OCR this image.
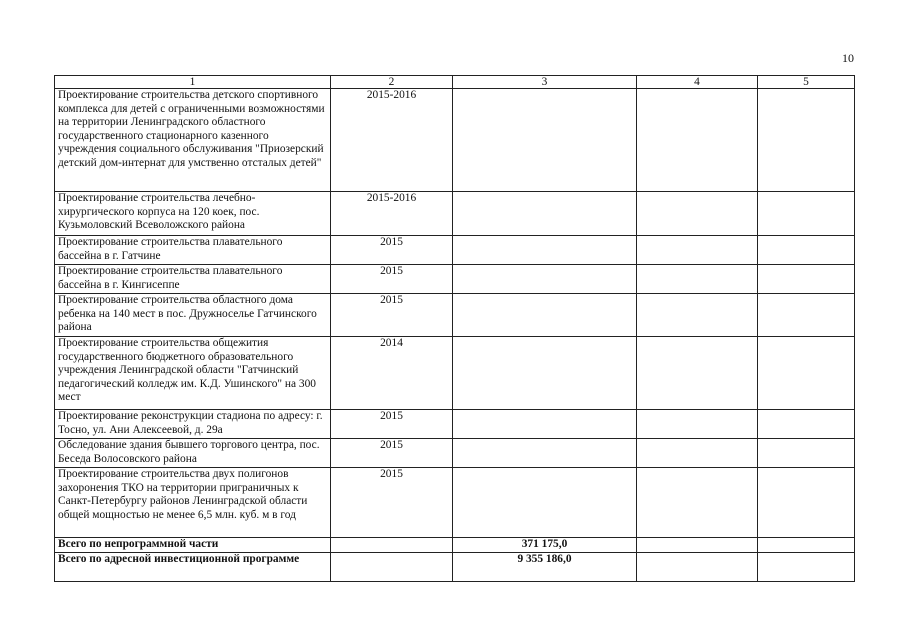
10
1	2	3	4	5
Проектирование строительства детского спортивного комплекса для детей с ограниченными возможностями на территории Ленинградского областного государственного стационарного казенного учреждения социального обслуживания "Приозерский детский дом-интернат для умственно отсталых детей"	2015-2016			
Проектирование строительства лечебно-хирургического корпуса на 120 коек, пос. Кузьмоловский Всеволожского района	2015-2016			
Проектирование строительства плавательного бассейна в г. Гатчине	2015			
Проектирование строительства плавательного бассейна в г. Кингисеппе	2015			
Проектирование строительства областного дома ребенка на 140 мест в пос. Дружноселье Гатчинского района	2015			
Проектирование строительства общежития государственного бюджетного образовательного учреждения Ленинградской области "Гатчинский педагогический колледж им. К.Д. Ушинского" на 300 мест	2014			
Проектирование реконструкции стадиона по адресу: г. Тосно, ул. Ани Алексеевой, д. 29а	2015			
Обследование здания бывшего торгового центра, пос. Беседа Волосовского района	2015			
Проектирование строительства двух полигонов захоронения ТКО на территории приграничных к Санкт-Петербургу районов Ленинградской области общей мощностью не менее 6,5 млн. куб. м в год	2015			
Всего по непрограммной части		371 175,0		
Всего по адресной инвестиционной программе		9 355 186,0		
